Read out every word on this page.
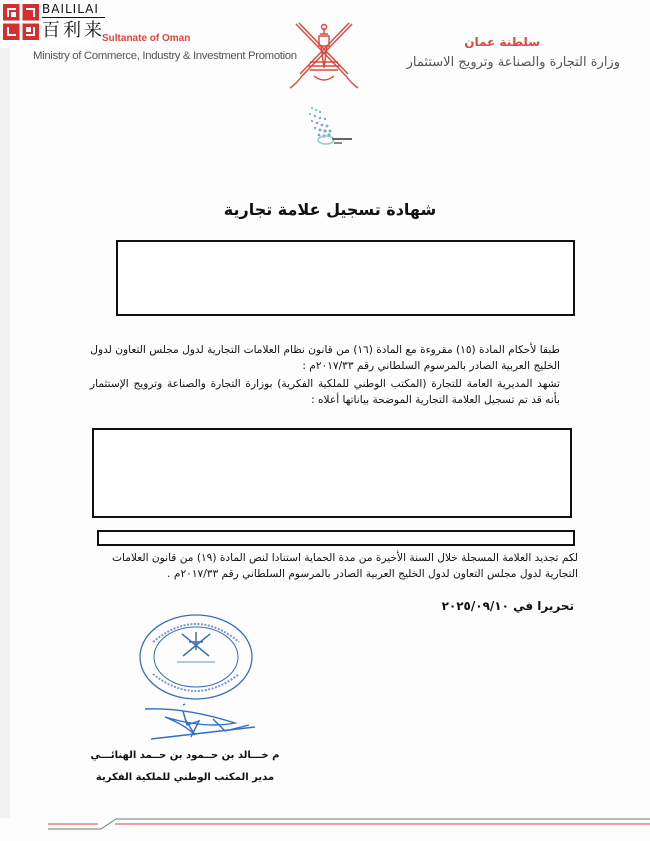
BAILILAI
百利来
Sultanate of Oman
Ministry of Commerce, Industry & Investment Promotion
سلطنة عمان
وزارة التجارة والصناعة وترويج الاستثمار
شهادة تسجيل علامة تجارية
طبقا لأحكام المادة (١٥) مقروءة مع المادة (١٦) من قانون نظام العلامات التجارية لدول مجلس التعاون لدول الخليج العربية الصادر بالمرسوم السلطاني رقم ٢٠١٧/٣٣م :
تشهد المديرية العامة للتجارة (المكتب الوطني للملكية الفكرية) بوزارة التجارة والصناعة وترويج الإستثمار بأنه قد تم تسجيل العلامة التجارية الموضحة بياناتها أعلاه :
لكم تجديد العلامة المسجلة خلال السنة الأخيرة من مدة الحماية استنادا لنص المادة (١٩) من قانون العلامات التجارية لدول مجلس التعاون لدول الخليج العربية الصادر بالمرسوم السلطاني رقم ٢٠١٧/٣٣م .
تحريرا في ٢٠٢٥/٠٩/١٠
م خـــالد بن حــمود بن حــمد الهنائـــي
مدير المكتب الوطني للملكية الفكرية
